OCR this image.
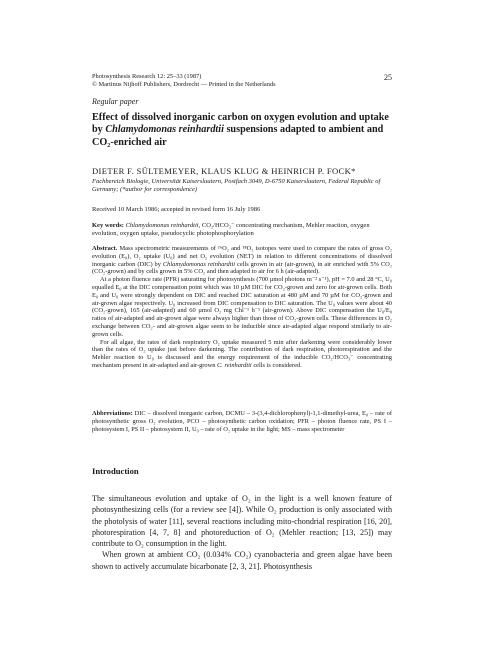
Photosynthesis Research 12: 25–33 (1987)
© Martinus Nijhoff Publishers, Dordrecht — Printed in the Netherlands
25
Regular paper
Effect of dissolved inorganic carbon on oxygen evolution and uptake by Chlamydomonas reinhardtii suspensions adapted to ambient and CO₂-enriched air
DIETER F. SÜLTEMEYER, KLAUS KLUG & HEINRICH P. FOCK*
Fachbereich Biologie, Universität Kaiserslautern, Postfach 3049, D-6750 Kaiserslautern, Federal Republic of Germany; (*author for correspondence)
Received 10 March 1986; accepted in revised form 16 July 1986
Key words: Chlamydomonas reinhardtii, CO₂/HCO₃⁻ concentrating mechanism, Mehler reaction, oxygen evolution, oxygen uptake, pseudocyclic photophosphorylation

Abstract. Mass spectrometric measurements of ¹⁶O₂ and ¹⁸O₂ isotopes were used to compare the rates of gross O₂ evolution (E₀), O₂ uptake (U₀) and net O₂ evolution (NET) in relation to different concentrations of dissolved inorganic carbon (DIC) by Chlamydomonas reinhardtii cells grown in air (air-grown), in air enriched with 5% CO₂ (CO₂-grown) and by cells grown in 5% CO₂ and then adapted to air for 6 h (air-adapted).

At a photon fluence rate (PFR) saturating for photosynthesis (700 µmol photons m⁻² s⁻¹), pH = 7.0 and 28 °C, U₀ equalled E₀ at the DIC compensation point which was 10 µM DIC for CO₂-grown and zero for air-grown cells. Both E₀ and U₀ were strongly dependent on DIC and reached DIC saturation at 480 µM and 70 µM for CO₂-grown and air-grown algae respectively. U₀ increased from DIC compensation to DIC saturation. The U₀ values were about 40 (CO₂-grown), 165 (air-adapted) and 60 µmol O₂ mg Chl⁻¹ h⁻¹ (air-grown). Above DIC compensation the U₀/E₀ ratios of air-adapted and air-grown algae were always higher than those of CO₂-grown cells. These differences in O₂ exchange between CO₂- and air-grown algae seem to be inducible since air-adapted algae respond similarly to air-grown cells.

For all algae, the rates of dark respiratory O₂ uptake measured 5 min after darkening were considerably lower than the rates of O₂ uptake just before darkening. The contribution of dark respiration, photorespiration and the Mehler reaction to U₀ is discussed and the energy requirement of the inducible CO₂/HCO₃⁻ concentrating mechanism present in air-adapted and air-grown C. reinhardtii cells is considered.

Abbreviations: DIC – dissolved inorganic carbon, DCMU – 3-(3,4-dichlorophenyl)-1,1-dimethyl-urea, E₀ – rate of photosynthetic gross O₂ evolution, PCO – photosynthetic carbon oxidation; PFR – photon fluence rate, PS I – photosystem I, PS II – photosystem II, U₀ – rate of O₂ uptake in the light; MS – mass spectrometer
Introduction

The simultaneous evolution and uptake of O₂ in the light is a well known feature of photosynthesizing cells (for a review see [4]). While O₂ production is only associated with the photolysis of water [11], several reactions including mito-chondrial respiration [16, 20], photorespiration [4, 7, 8] and photoreduction of O₂ (Mehler reaction; [13, 25]) may contribute to O₂ consumption in the light.

When grown at ambient CO₂ (0.034% CO₂) cyanobacteria and green algae have been shown to actively accumulate bicarbonate [2, 3, 21]. Photosynthesis
